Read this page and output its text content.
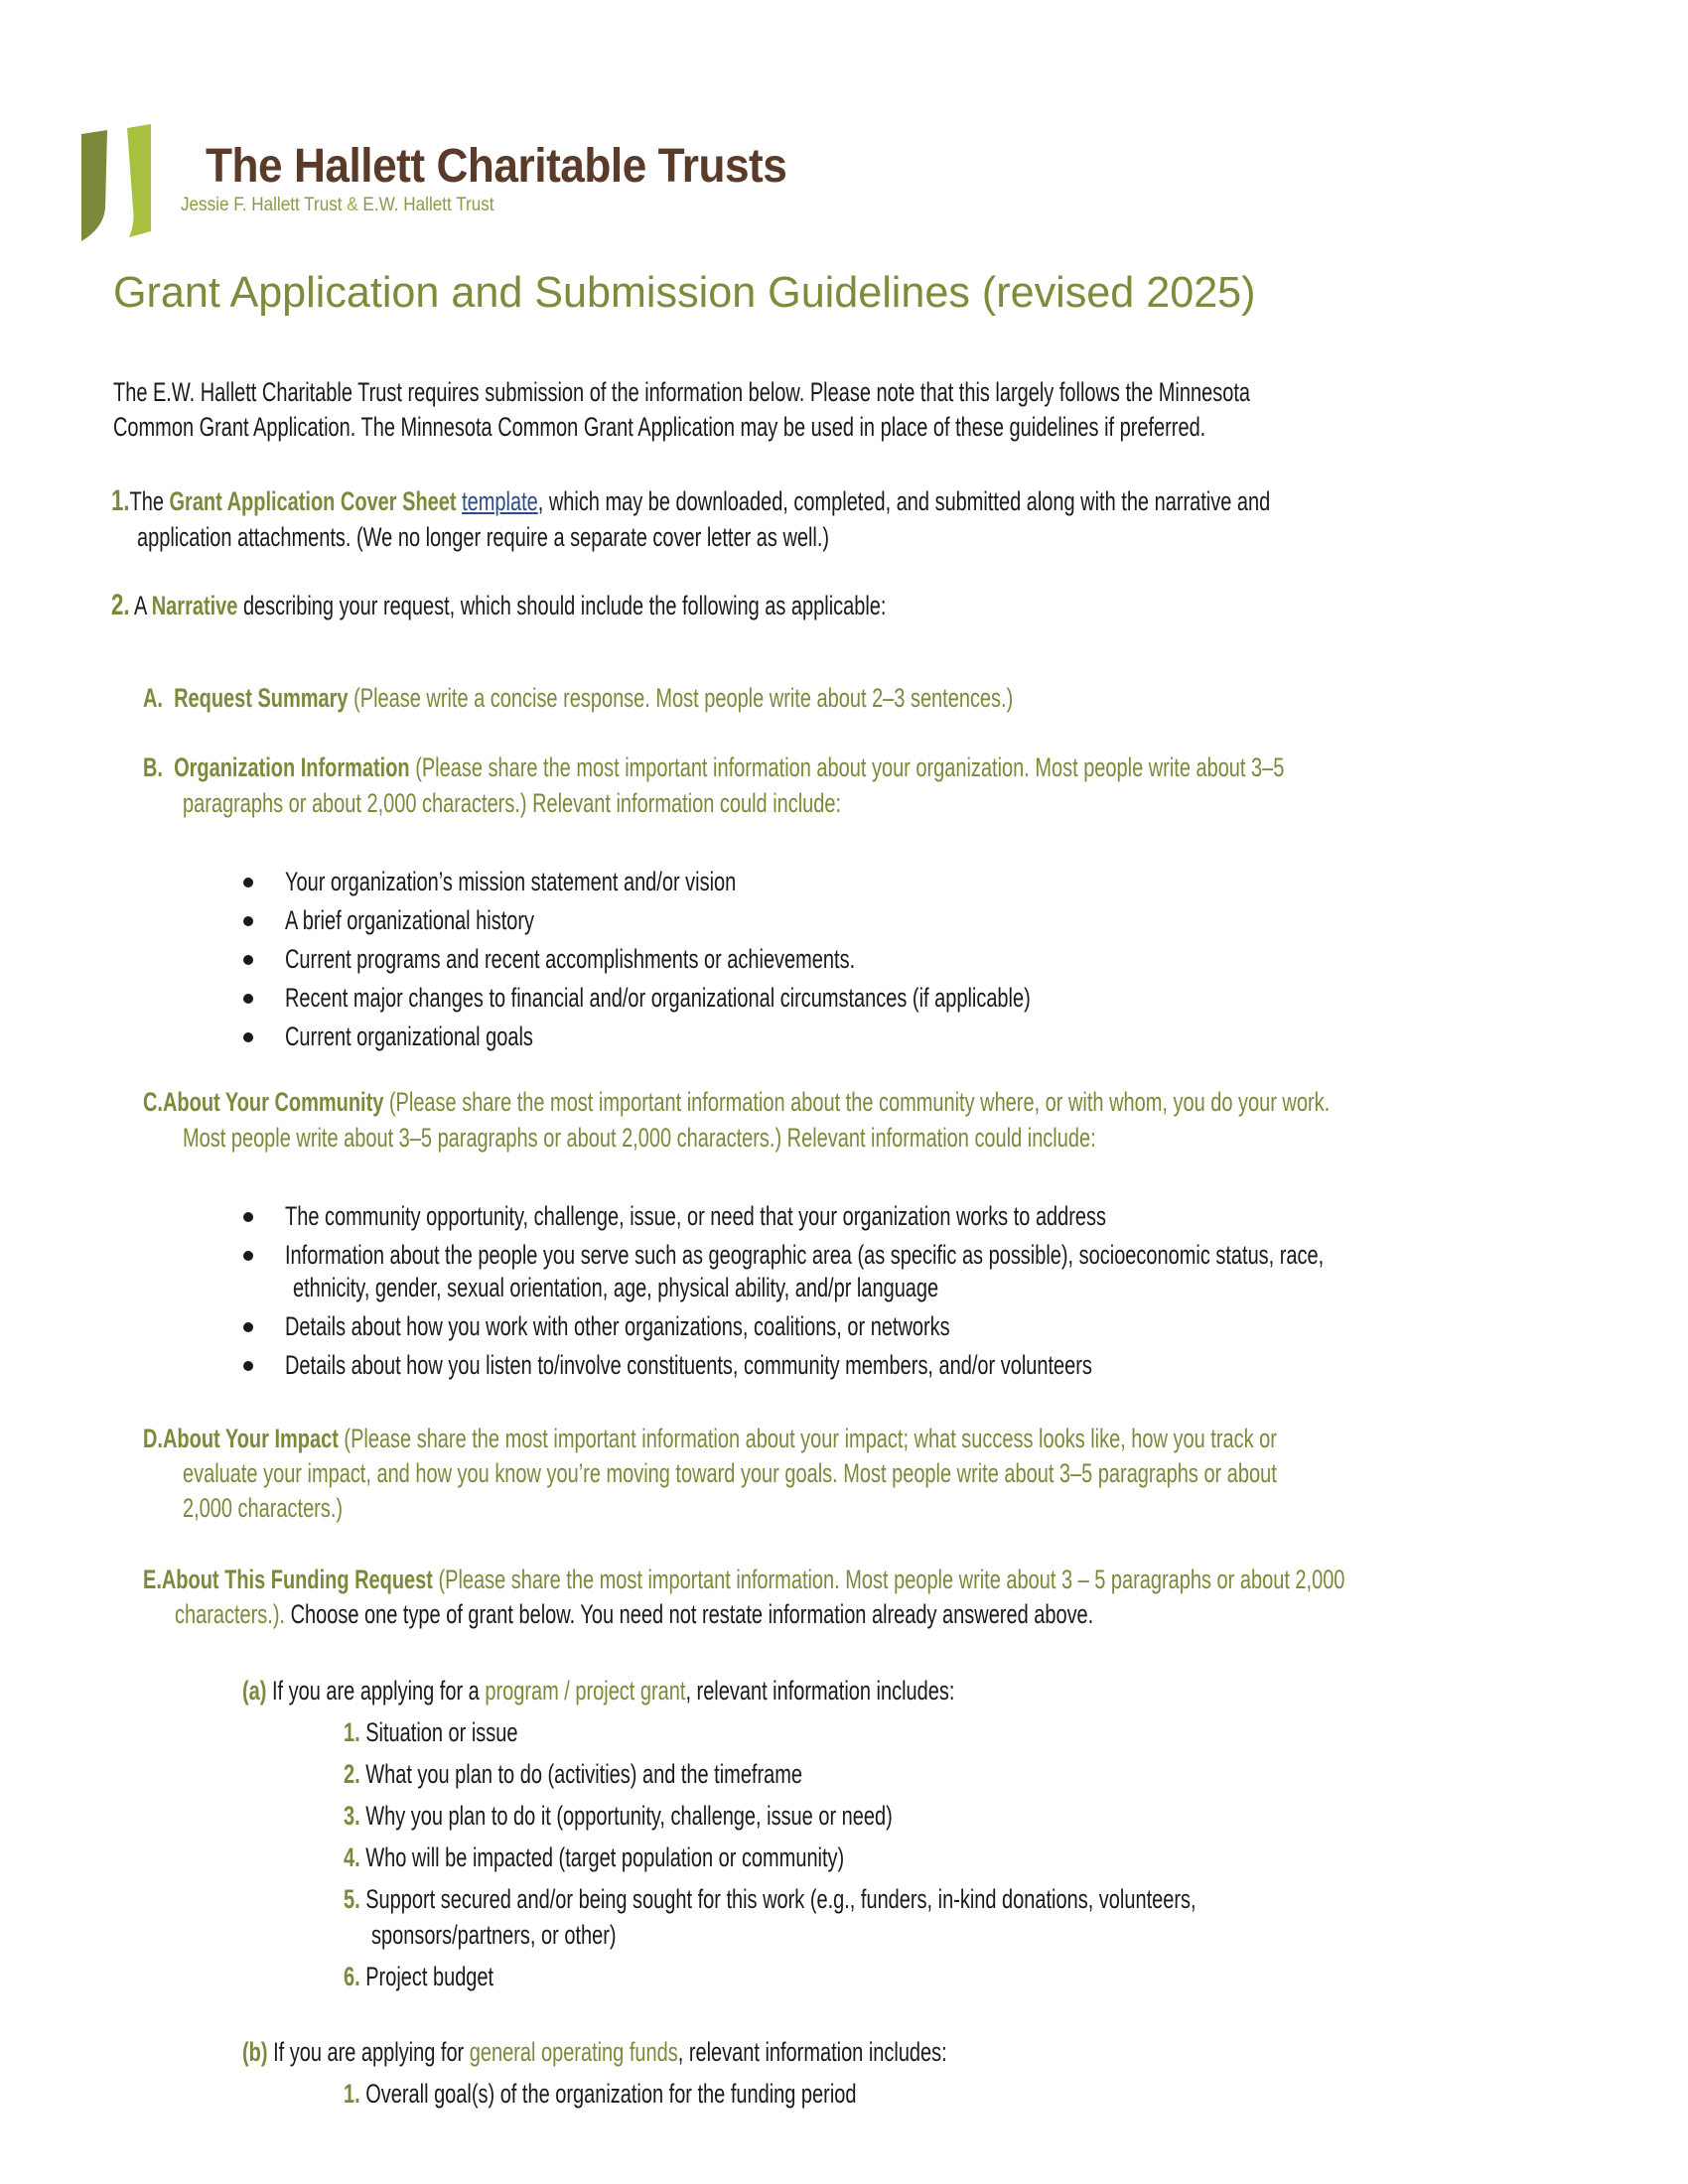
The Hallett Charitable Trusts
Jessie F. Hallett Trust & E.W. Hallett Trust
Grant Application and Submission Guidelines (revised 2025)
The E.W. Hallett Charitable Trust requires submission of the information below. Please note that this largely follows the Minnesota
Common Grant Application. The Minnesota Common Grant Application may be used in place of these guidelines if preferred.
1.The Grant Application Cover Sheet template, which may be downloaded, completed, and submitted along with the narrative and
application attachments. (We no longer require a separate cover letter as well.)
2. A Narrative describing your request, which should include the following as applicable:
A. Request Summary (Please write a concise response. Most people write about 2–3 sentences.)
B. Organization Information (Please share the most important information about your organization. Most people write about 3–5
paragraphs or about 2,000 characters.) Relevant information could include:
Your organization’s mission statement and/or vision
A brief organizational history
Current programs and recent accomplishments or achievements.
Recent major changes to financial and/or organizational circumstances (if applicable)
Current organizational goals
C.About Your Community (Please share the most important information about the community where, or with whom, you do your work.
Most people write about 3–5 paragraphs or about 2,000 characters.) Relevant information could include:
The community opportunity, challenge, issue, or need that your organization works to address
Information about the people you serve such as geographic area (as specific as possible), socioeconomic status, race,
ethnicity, gender, sexual orientation, age, physical ability, and/pr language
Details about how you work with other organizations, coalitions, or networks
Details about how you listen to/involve constituents, community members, and/or volunteers
D.About Your Impact (Please share the most important information about your impact; what success looks like, how you track or
evaluate your impact, and how you know you’re moving toward your goals. Most people write about 3–5 paragraphs or about
2,000 characters.)
E.About This Funding Request (Please share the most important information. Most people write about 3 – 5 paragraphs or about 2,000
characters.). Choose one type of grant below. You need not restate information already answered above.
(a) If you are applying for a program / project grant, relevant information includes:
1. Situation or issue
2. What you plan to do (activities) and the timeframe
3. Why you plan to do it (opportunity, challenge, issue or need)
4. Who will be impacted (target population or community)
5. Support secured and/or being sought for this work (e.g., funders, in-kind donations, volunteers,
sponsors/partners, or other)
6. Project budget
(b) If you are applying for general operating funds, relevant information includes:
1. Overall goal(s) of the organization for the funding period
